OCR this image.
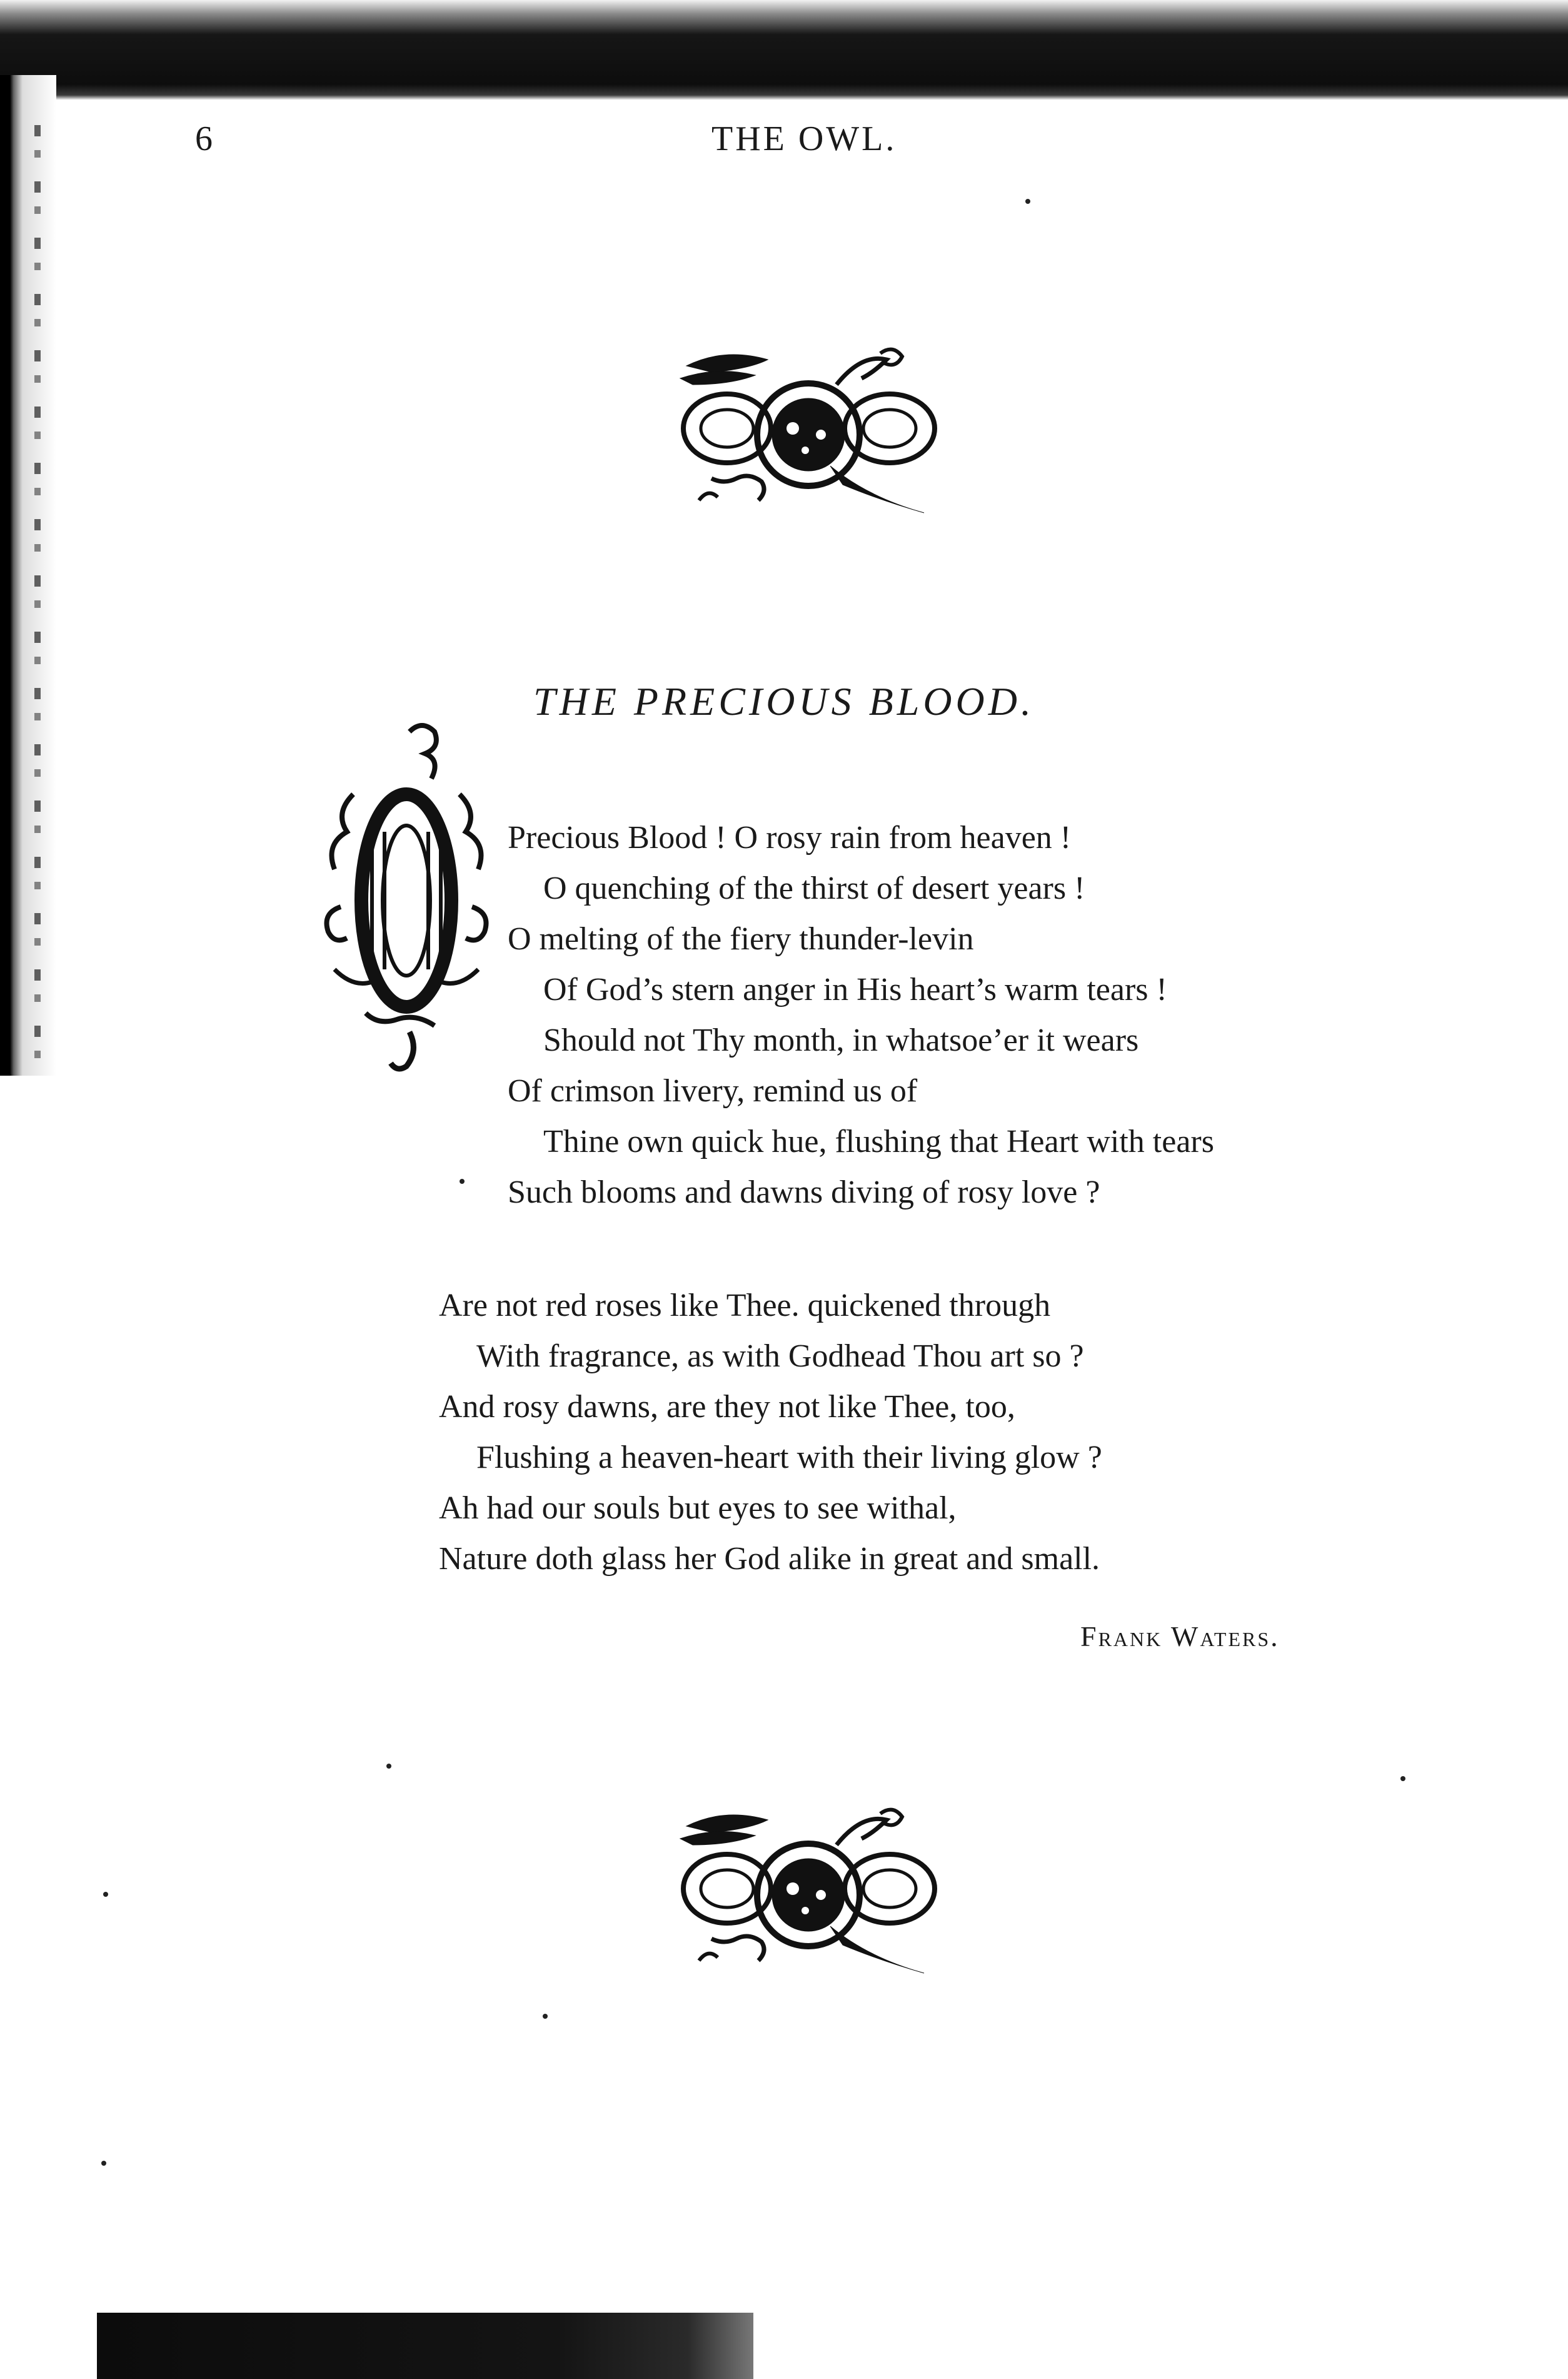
6	THE OWL.
THE PRECIOUS BLOOD.
Precious Blood ! O rosy rain from heaven !
O quenching of the thirst of desert years !
O melting of the fiery thunder-levin
Of God’s stern anger in His heart’s warm tears !
Should not Thy month, in whatsoe’er it wears
Of crimson livery, remind us of
Thine own quick hue, flushing that Heart with tears
Such blooms and dawns diving of rosy love ?
Are not red roses like Thee. quickened through
With fragrance, as with Godhead Thou art so ?
And rosy dawns, are they not like Thee, too,
Flushing a heaven-heart with their living glow ?
Ah had our souls but eyes to see withal,
Nature doth glass her God alike in great and small.
Frank Waters.
